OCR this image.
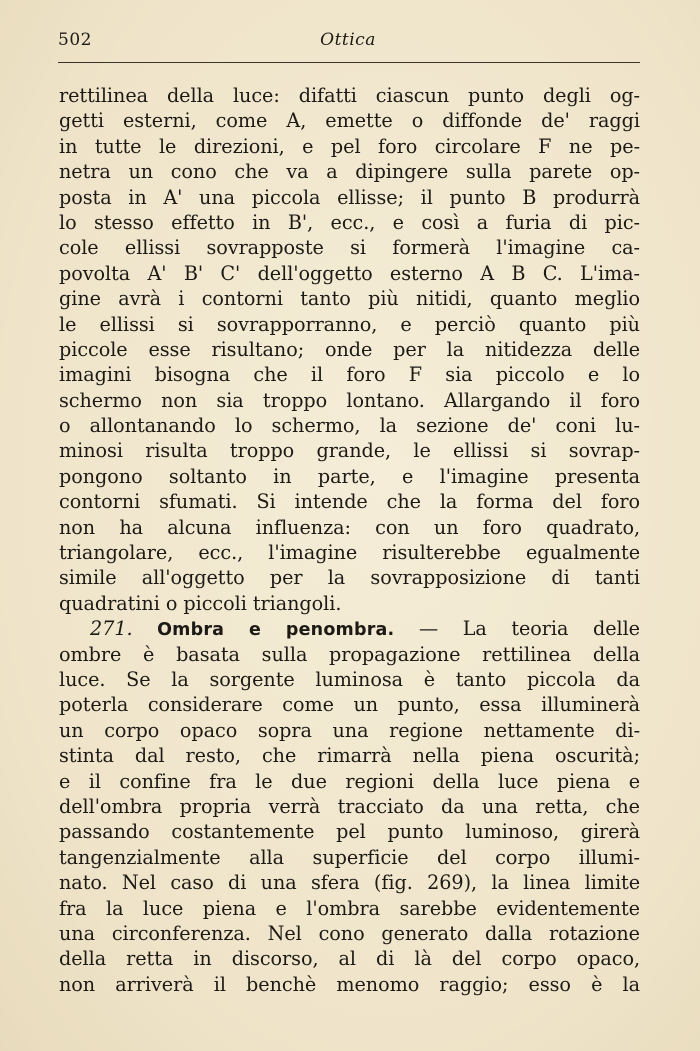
502	Ottica
rettilinea della luce: difatti ciascun punto degli og-
getti esterni, come A, emette o diffonde de' raggi
in tutte le direzioni, e pel foro circolare F ne pe-
netra un cono che va a dipingere sulla parete op-
posta in A' una piccola ellisse; il punto B produrrà
lo stesso effetto in B', ecc., e così a furia di pic-
cole ellissi sovrapposte si formerà l'imagine ca-
povolta A' B' C' dell'oggetto esterno A B C. L'ima-
gine avrà i contorni tanto più nitidi, quanto meglio
le ellissi si sovrapporranno, e perciò quanto più
piccole esse risultano; onde per la nitidezza delle
imagini bisogna che il foro F sia piccolo e lo
schermo non sia troppo lontano. Allargando il foro
o allontanando lo schermo, la sezione de' coni lu-
minosi risulta troppo grande, le ellissi si sovrap-
pongono soltanto in parte, e l'imagine presenta
contorni sfumati. Si intende che la forma del foro
non ha alcuna influenza: con un foro quadrato,
triangolare, ecc., l'imagine risulterebbe egualmente
simile all'oggetto per la sovrapposizione di tanti
quadratini o piccoli triangoli.
271. Ombra e penombra. — La teoria delle
ombre è basata sulla propagazione rettilinea della
luce. Se la sorgente luminosa è tanto piccola da
poterla considerare come un punto, essa illuminerà
un corpo opaco sopra una regione nettamente di-
stinta dal resto, che rimarrà nella piena oscurità;
e il confine fra le due regioni della luce piena e
dell'ombra propria verrà tracciato da una retta, che
passando costantemente pel punto luminoso, girerà
tangenzialmente alla superficie del corpo illumi-
nato. Nel caso di una sfera (fig. 269), la linea limite
fra la luce piena e l'ombra sarebbe evidentemente
una circonferenza. Nel cono generato dalla rotazione
della retta in discorso, al di là del corpo opaco,
non arriverà il benchè menomo raggio; esso è la
